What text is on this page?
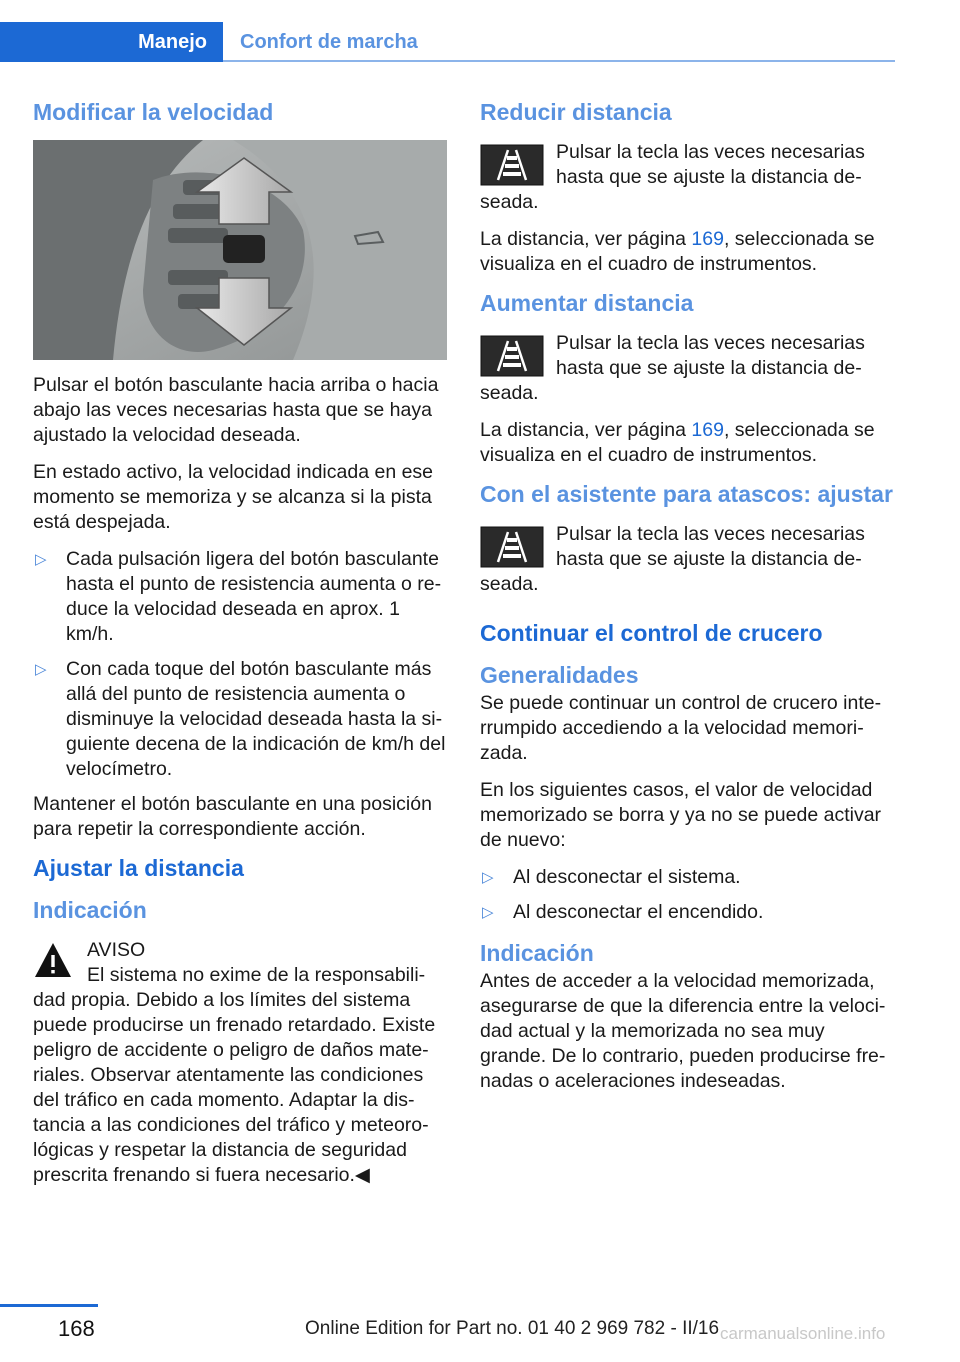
Manejo	Confort de marcha
Modificar la velocidad

Pulsar el botón basculante hacia arriba o hacia abajo las veces necesarias hasta que se haya ajustado la velocidad deseada.

En estado activo, la velocidad indicada en ese momento se memoriza y se alcanza si la pista está despejada.

▷ Cada pulsación ligera del botón basculante hasta el punto de resistencia aumenta o re‐ duce la velocidad deseada en aprox. 1 km/h.
▷ Con cada toque del botón basculante más allá del punto de resistencia aumenta o disminuye la velocidad deseada hasta la si‐ guiente decena de la indicación de km/h del velocímetro.

Mantener el botón basculante en una posición para repetir la correspondiente acción.

Ajustar la distancia
Indicación
AVISO
El sistema no exime de la responsabili‐ dad propia. Debido a los límites del sistema puede producirse un frenado retardado. Existe peligro de accidente o peligro de daños mate‐ riales. Observar atentamente las condiciones del tráfico en cada momento. Adaptar la dis‐ tancia a las condiciones del tráfico y meteoro‐ lógicas y respetar la distancia de seguridad prescrita frenando si fuera necesario.◀
Reducir distancia
Pulsar la tecla las veces necesarias hasta que se ajuste la distancia de‐ seada.

La distancia, ver página 169, seleccionada se visualiza en el cuadro de instrumentos.

Aumentar distancia
Pulsar la tecla las veces necesarias hasta que se ajuste la distancia de‐ seada.

La distancia, ver página 169, seleccionada se visualiza en el cuadro de instrumentos.

Con el asistente para atascos: ajustar
Pulsar la tecla las veces necesarias hasta que se ajuste la distancia de‐ seada.
Continuar el control de crucero
Generalidades

Se puede continuar un control de crucero inte‐ rrumpido accediendo a la velocidad memori‐ zada.

En los siguientes casos, el valor de velocidad memorizado se borra y ya no se puede activar de nuevo:

▷ Al desconectar el sistema.
▷ Al desconectar el encendido.
Indicación

Antes de acceder a la velocidad memorizada, asegurarse de que la diferencia entre la veloci‐ dad actual y la memorizada no sea muy grande. De lo contrario, pueden producirse fre‐ nadas o aceleraciones indeseadas.

168	Online Edition for Part no. 01 40 2 969 782 - II/16 carmanualsonline.info
